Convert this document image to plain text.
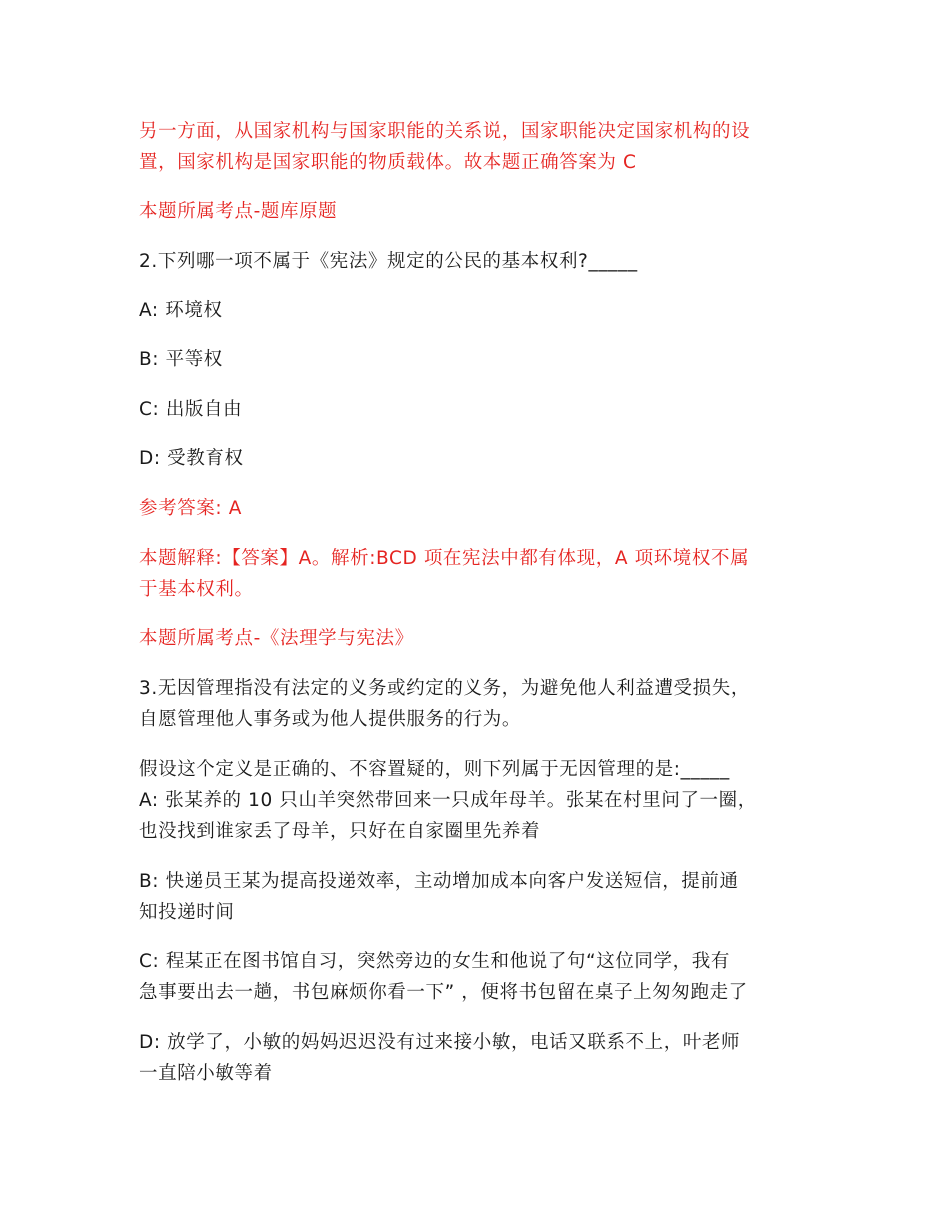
另一方面，从国家机构与国家职能的关系说，国家职能决定国家机构的设
置，国家机构是国家职能的物质载体。故本题正确答案为 C
本题所属考点-题库原题
2.下列哪一项不属于《宪法》规定的公民的基本权利?_____
A: 环境权
B: 平等权
C: 出版自由
D: 受教育权
参考答案: A
本题解释:【答案】A。解析:BCD 项在宪法中都有体现，A 项环境权不属
于基本权利。
本题所属考点-《法理学与宪法》
3.无因管理指没有法定的义务或约定的义务，为避免他人利益遭受损失，
自愿管理他人事务或为他人提供服务的行为。
假设这个定义是正确的、不容置疑的，则下列属于无因管理的是:_____
A: 张某养的 10 只山羊突然带回来一只成年母羊。张某在村里问了一圈，
也没找到谁家丢了母羊，只好在自家圈里先养着
B: 快递员王某为提高投递效率，主动增加成本向客户发送短信，提前通
知投递时间
C: 程某正在图书馆自习，突然旁边的女生和他说了句“这位同学，我有
急事要出去一趟，书包麻烦你看一下” ，便将书包留在桌子上匆匆跑走了
D: 放学了，小敏的妈妈迟迟没有过来接小敏，电话又联系不上，叶老师
一直陪小敏等着
